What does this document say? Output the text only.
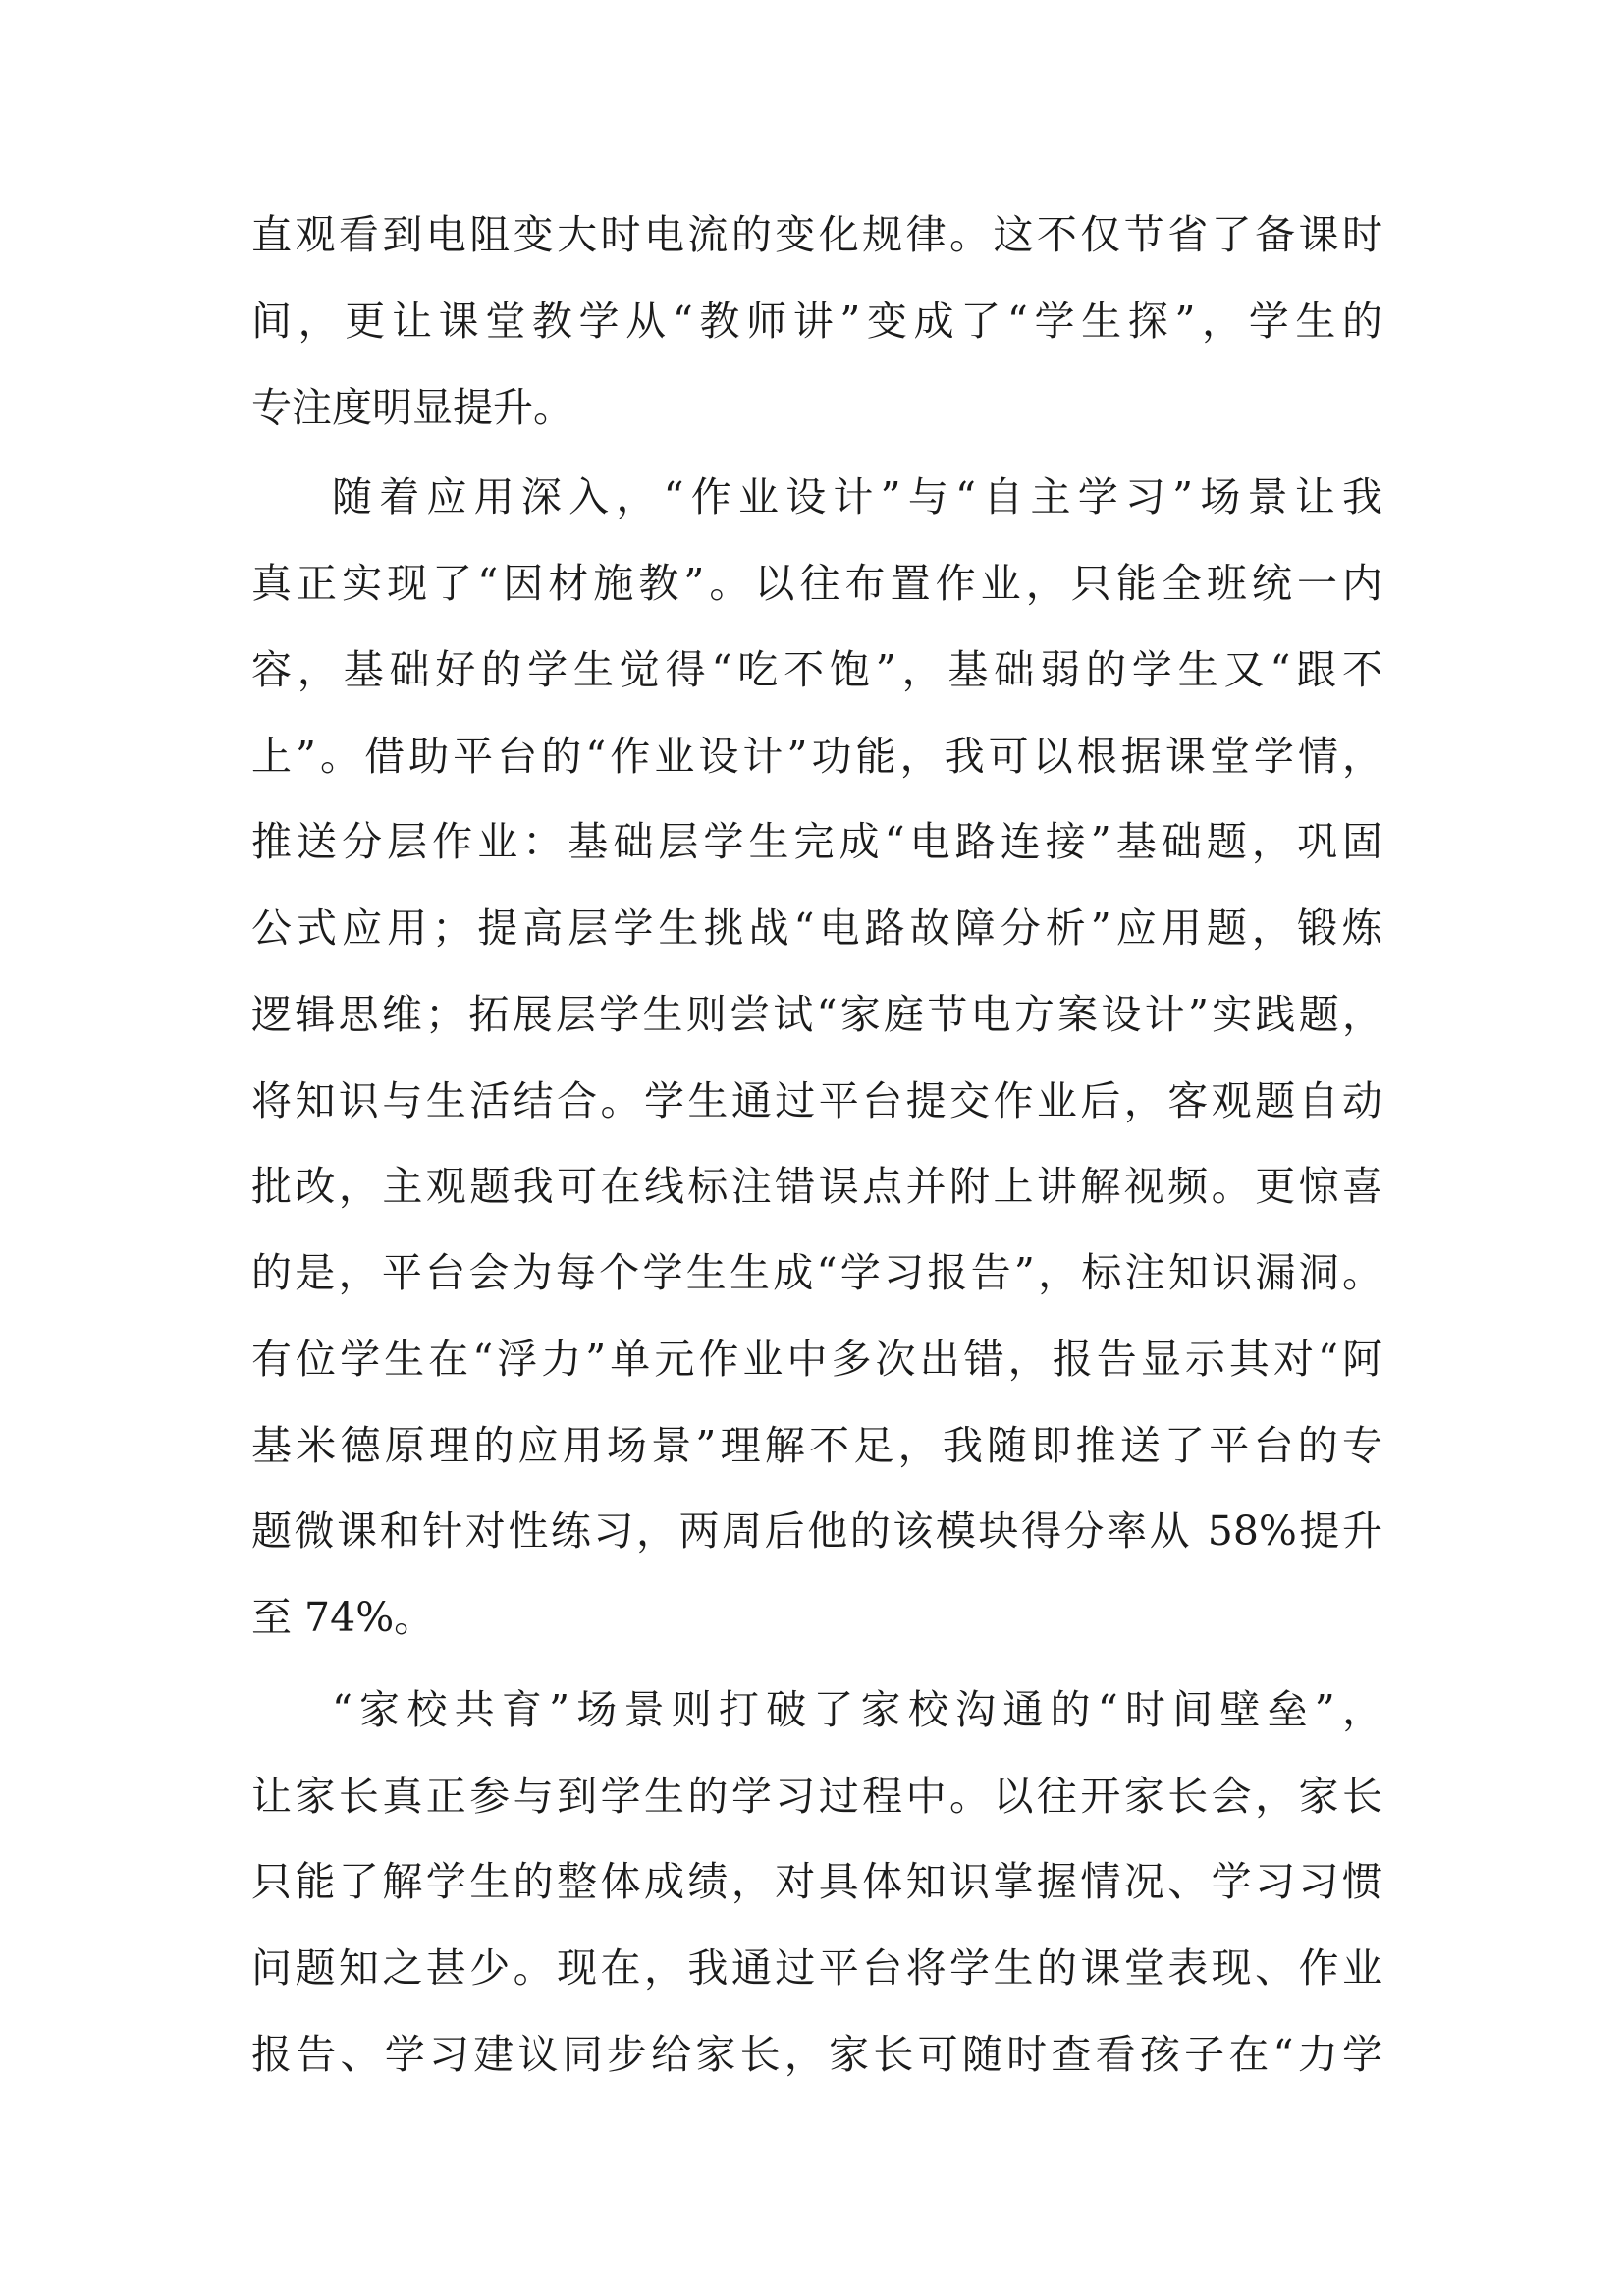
直观看到电阻变大时电流的变化规律。这不仅节省了备课时
间，更让课堂教学从“教师讲”变成了“学生探”，学生的
专注度明显提升。
随着应用深入，“作业设计”与“自主学习”场景让我
真正实现了“因材施教”。以往布置作业，只能全班统一内
容，基础好的学生觉得“吃不饱”，基础弱的学生又“跟不
上”。借助平台的“作业设计”功能，我可以根据课堂学情，
推送分层作业：基础层学生完成“电路连接”基础题，巩固
公式应用；提高层学生挑战“电路故障分析”应用题，锻炼
逻辑思维；拓展层学生则尝试“家庭节电方案设计”实践题，
将知识与生活结合。学生通过平台提交作业后，客观题自动
批改，主观题我可在线标注错误点并附上讲解视频。更惊喜
的是，平台会为每个学生生成“学习报告”，标注知识漏洞。
有位学生在“浮力”单元作业中多次出错，报告显示其对“阿
基米德原理的应用场景”理解不足，我随即推送了平台的专
题微课和针对性练习，两周后他的该模块得分率从 58%提升
至 74%。
“家校共育”场景则打破了家校沟通的“时间壁垒”，
让家长真正参与到学生的学习过程中。以往开家长会，家长
只能了解学生的整体成绩，对具体知识掌握情况、学习习惯
问题知之甚少。现在，我通过平台将学生的课堂表现、作业
报告、学习建议同步给家长，家长可随时查看孩子在“力学
